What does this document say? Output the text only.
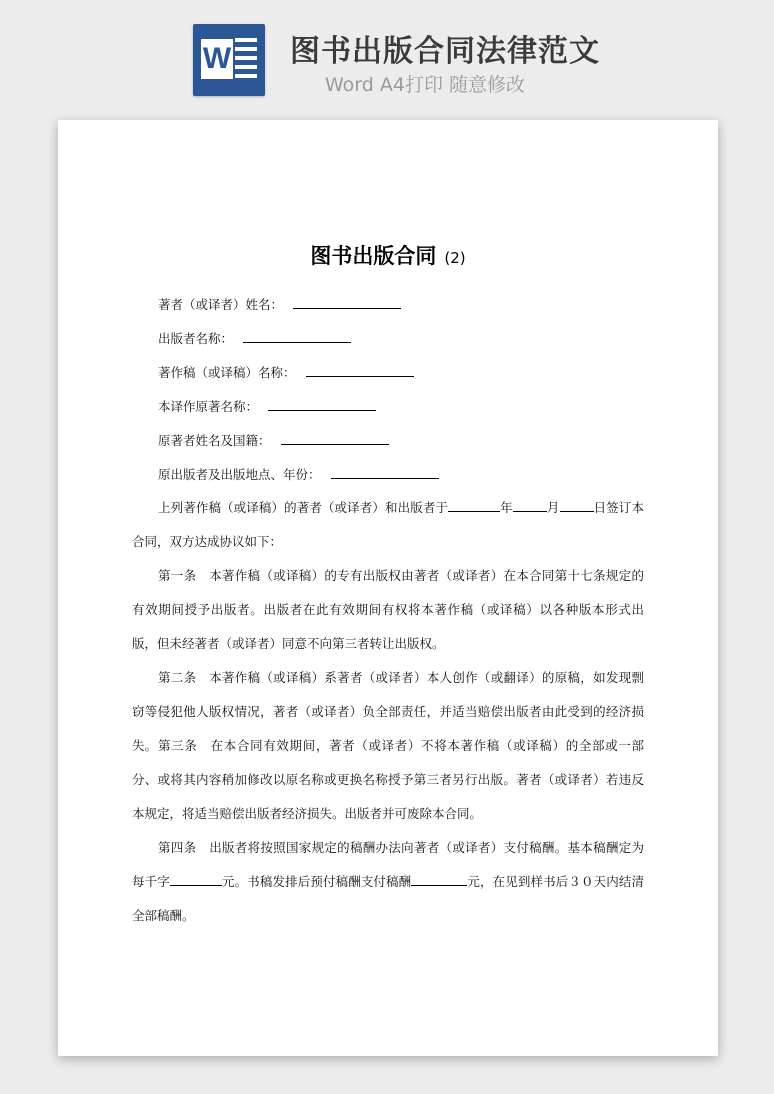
W 图书出版合同法律范文
Word A4打印 随意修改
图书出版合同 (2)
著者（或译者）姓名：
出版者名称：
著作稿（或译稿）名称：
本译作原著名称：
原著者姓名及国籍：
原出版者及出版地点、年份：
上列著作稿（或译稿）的著者（或译者）和出版者于	年	月	日签订本合同，双方达成协议如下：
第一条　本著作稿（或译稿）的专有出版权由著者（或译者）在本合同第十七条规定的有效期间授予出版者。出版者在此有效期间有权将本著作稿（或译稿）以各种版本形式出版，但未经著者（或译者）同意不向第三者转让出版权。
第二条　本著作稿（或译稿）系著者（或译者）本人创作（或翻译）的原稿，如发现剽窃等侵犯他人版权情况，著者（或译者）负全部责任，并适当赔偿出版者由此受到的经济损失。 第三条　在本合同有效期间，著者（或译者）不将本著作稿（或译稿）的全部或一部分、或将其内容稍加修改以原名称或更换名称授予第三者另行出版。著者（或译者）若违反本规定，将适当赔偿出版者经济损失。出版者并可废除本合同。
第四条　出版者将按照国家规定的稿酬办法向著者（或译者）支付稿酬。基本稿酬定为每千字	元。书稿发排后预付稿酬支付稿酬	元，在见到样书后３０天内结清全部稿酬。
